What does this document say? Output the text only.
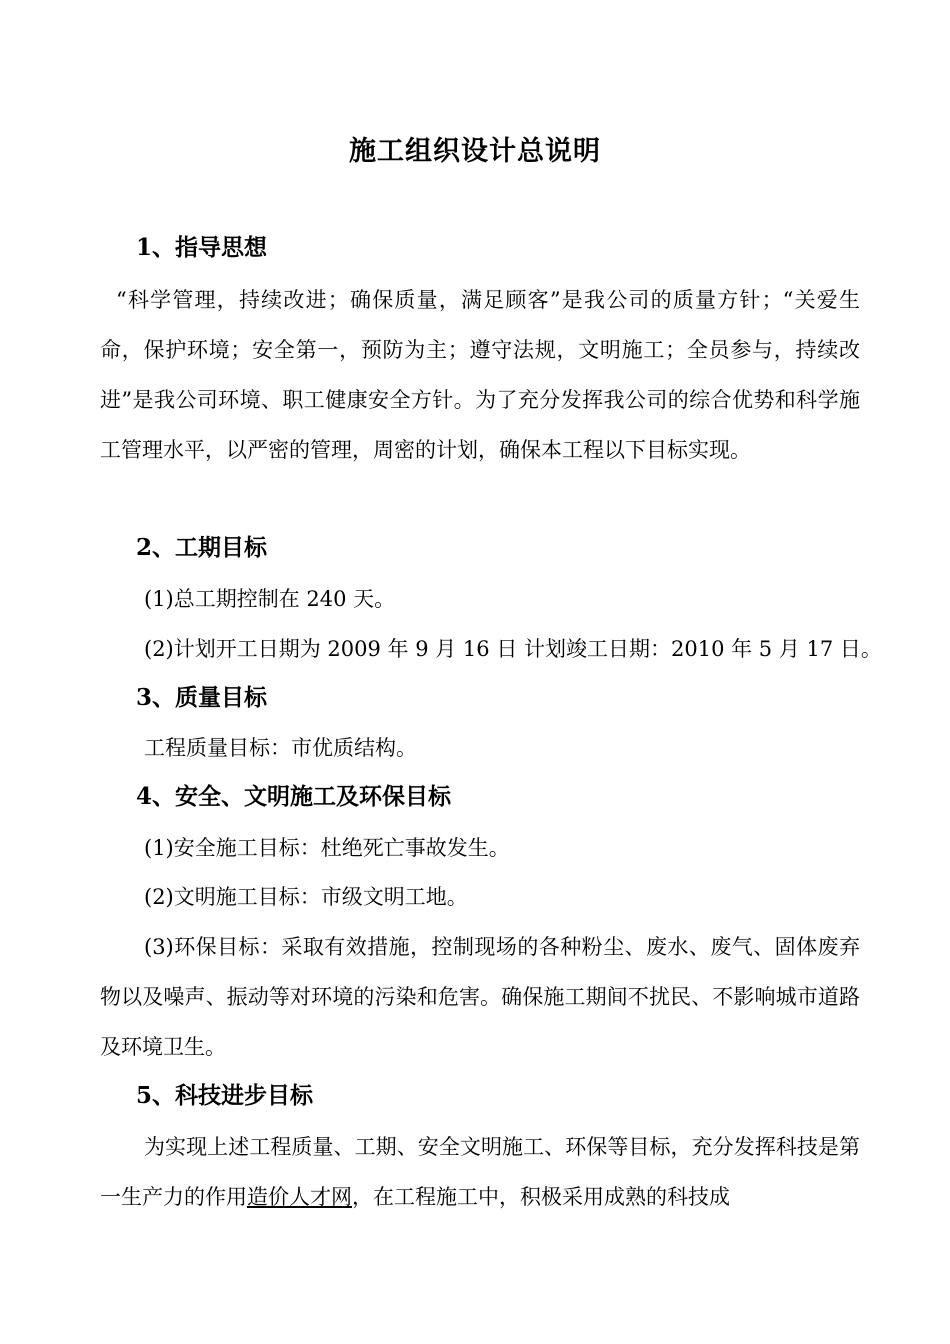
施工组织设计总说明
1、指导思想
“科学管理，持续改进；确保质量，满足顾客”是我公司的质量方针；“关爱生命，保护环境；安全第一，预防为主；遵守法规，文明施工；全员参与，持续改进”是我公司环境、职工健康安全方针。为了充分发挥我公司的综合优势和科学施工管理水平，以严密的管理，周密的计划，确保本工程以下目标实现。
2、工期目标
(1)总工期控制在 240 天。
(2)计划开工日期为 2009 年 9 月 16 日 计划竣工日期：2010 年 5 月 17 日。
3、质量目标
工程质量目标：市优质结构。
4、安全、文明施工及环保目标
(1)安全施工目标：杜绝死亡事故发生。
(2)文明施工目标：市级文明工地。
(3)环保目标：采取有效措施，控制现场的各种粉尘、废水、废气、固体废弃物以及噪声、振动等对环境的污染和危害。确保施工期间不扰民、不影响城市道路及环境卫生。
5、科技进步目标
为实现上述工程质量、工期、安全文明施工、环保等目标，充分发挥科技是第一生产力的作用造价人才网，在工程施工中，积极采用成熟的科技成
